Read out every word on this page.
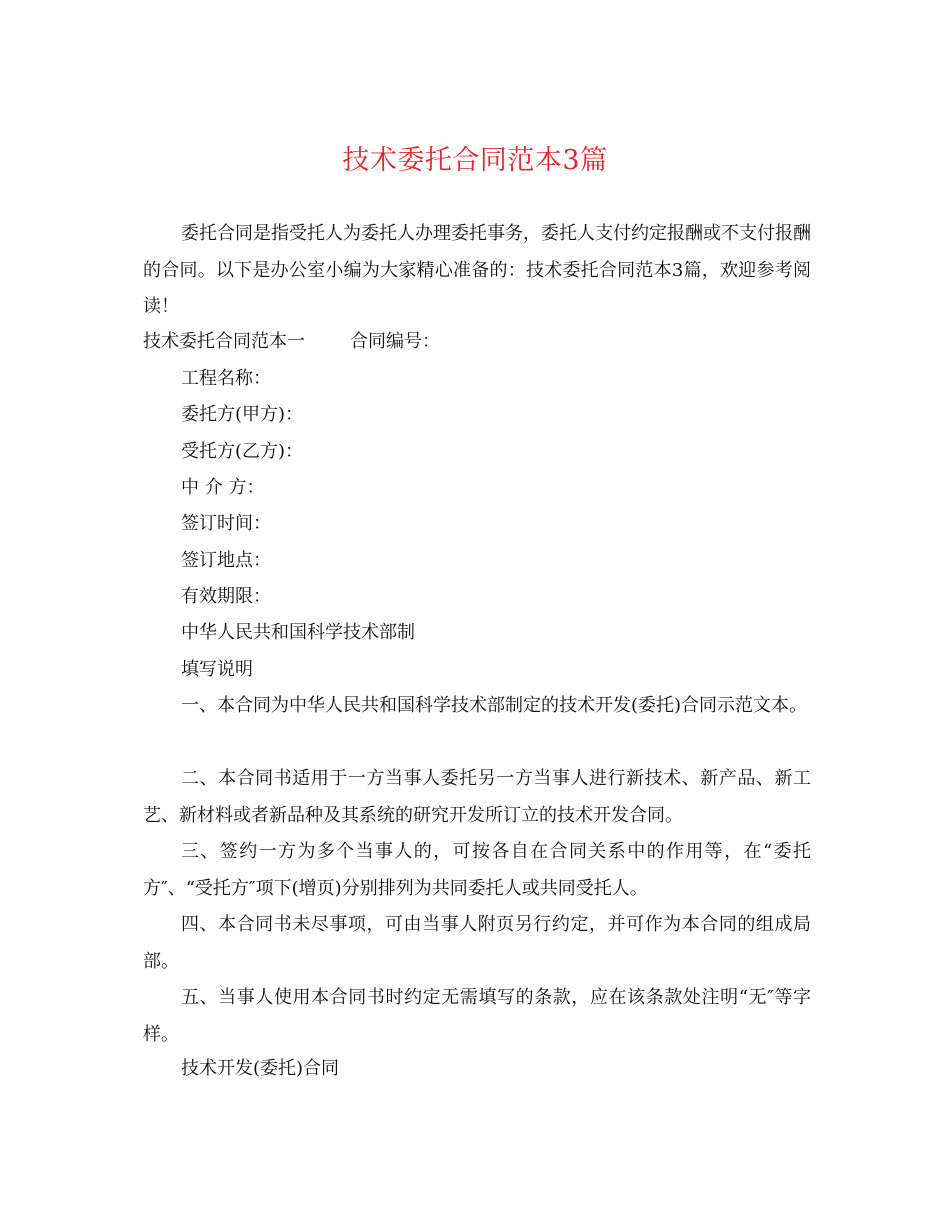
技术委托合同范本3篇

委托合同是指受托人为委托人办理委托事务，委托人支付约定报酬或不支付报酬的合同。以下是办公室小编为大家精心准备的：技术委托合同范本3篇，欢迎参考阅读！

技术委托合同范本一	合同编号：
工程名称：
委托方(甲方)：
受托方(乙方)：
中 介 方：
签订时间：
签订地点：
有效期限：
中华人民共和国科学技术部制
填写说明

一、本合同为中华人民共和国科学技术部制定的技术开发(委托)合同示范文本。

二、本合同书适用于一方当事人委托另一方当事人进行新技术、新产品、新工艺、新材料或者新品种及其系统的研究开发所订立的技术开发合同。

三、签约一方为多个当事人的，可按各自在合同关系中的作用等，在“委托方″、“受托方″项下(增页)分别排列为共同委托人或共同受托人。

四、本合同书未尽事项，可由当事人附页另行约定，并可作为本合同的组成局部。

五、当事人使用本合同书时约定无需填写的条款，应在该条款处注明“无″等字样。

技术开发(委托)合同
